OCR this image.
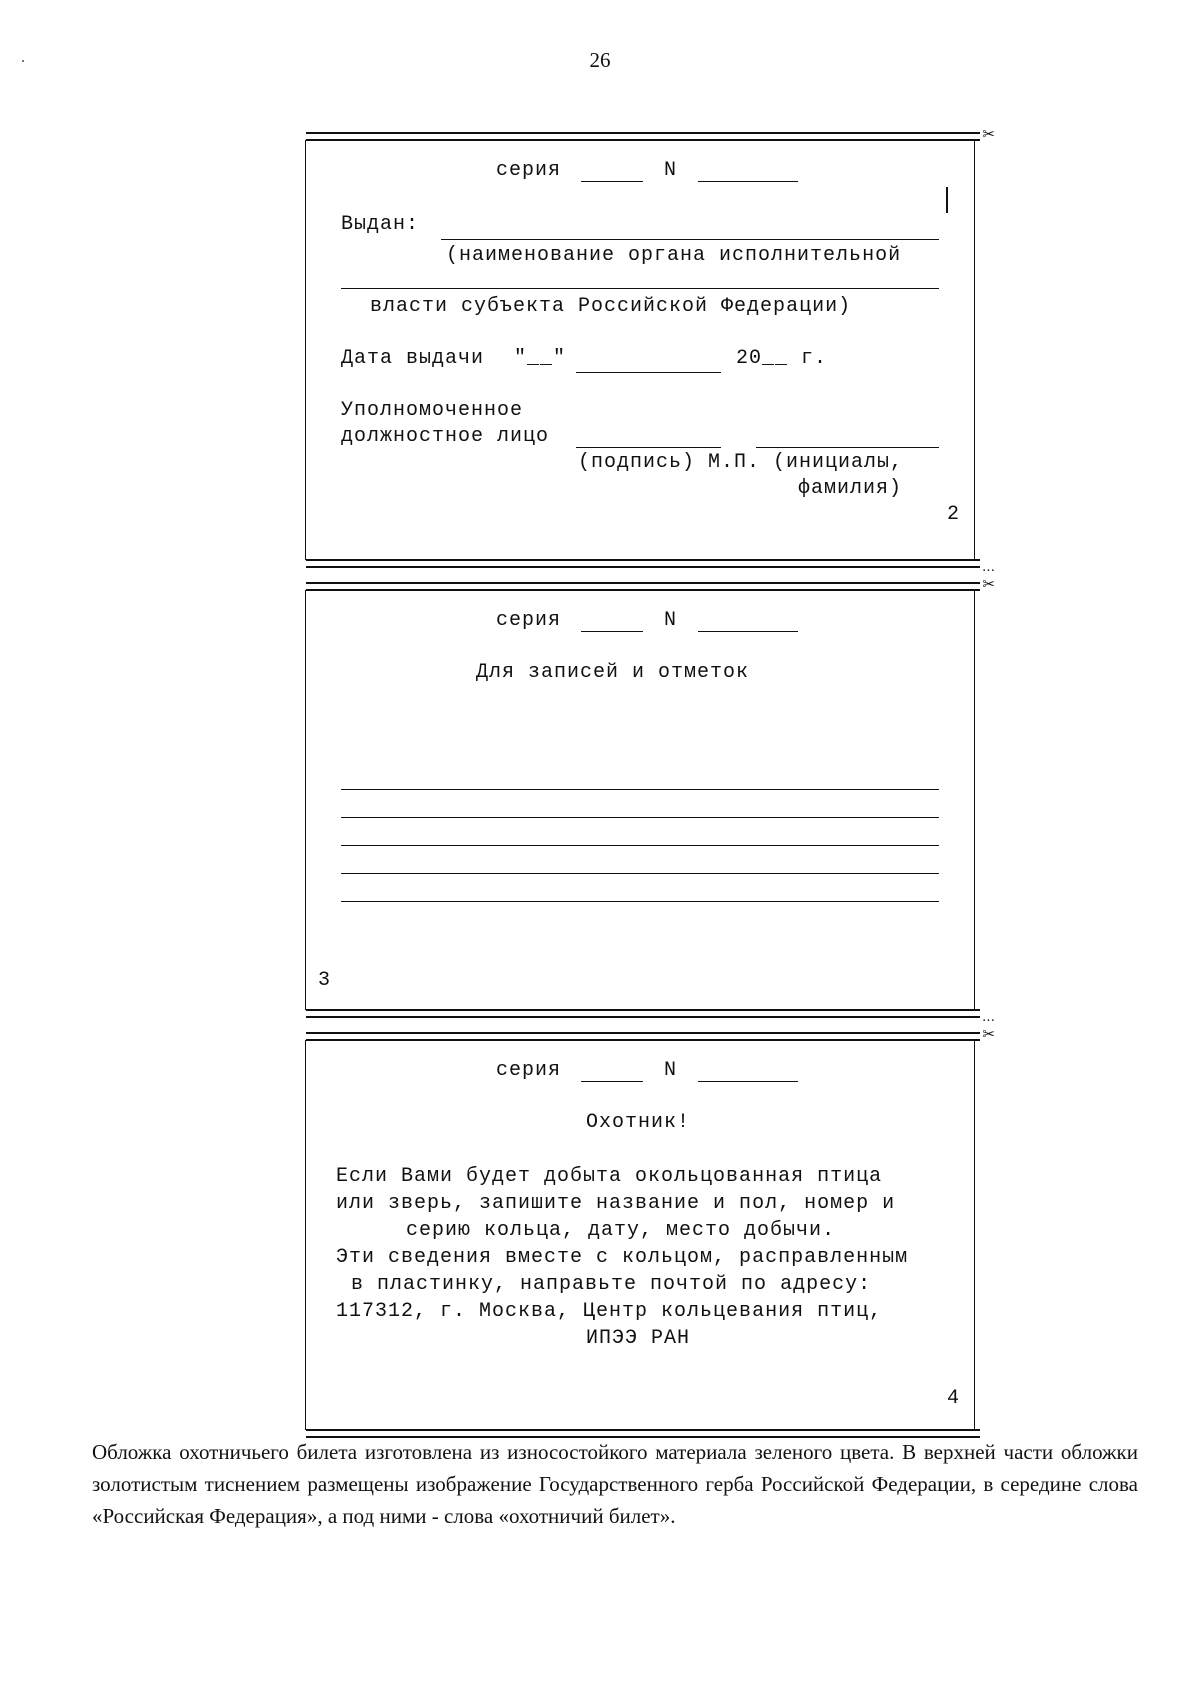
26
✂
серия	N
Выдан:
(наименование органа исполнительной
власти субъекта Российской Федерации)
Дата выдачи "__"	20__ г.
Уполномоченное
должностное лицо
(подпись) М.П. (инициалы,
фамилия)
2
…
✂
серия	N
Для записей и отметок
3
…
✂
серия	N
Охотник!
Если Вами будет добыта окольцованная птица
или зверь, запишите название и пол, номер и
серию кольца, дату, место добычи.
Эти сведения вместе с кольцом, расправленным
в пластинку, направьте почтой по адресу:
117312, г. Москва, Центр кольцевания птиц,
ИПЭЭ РАН
4
Обложка охотничьего билета изготовлена из износостойкого материала зеленого цвета. В верхней части обложки золотистым тиснением размещены изображение Государственного герба Российской Федерации, в середине слова «Российская Федерация», а под ними - слова «охотничий билет».
